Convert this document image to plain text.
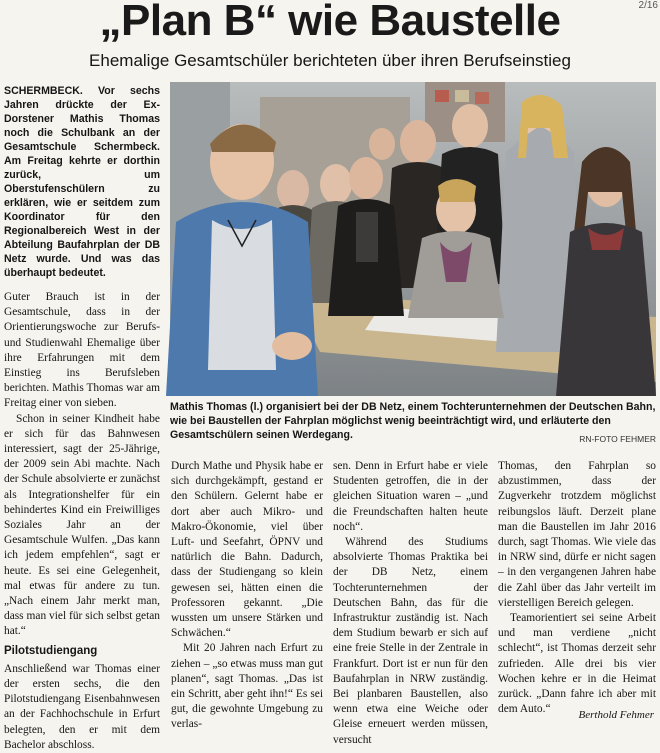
„Plan B“ wie Baustelle	2/16
Ehemalige Gesamtschüler berichteten über ihren Berufseinstieg

SCHERMBECK. Vor sechs Jahren drückte der Ex-Dorstener Mathis Thomas noch die Schulbank an der Gesamtschule Schermbeck. Am Freitag kehrte er dorthin zurück, um Oberstufenschülern zu erklären, wie er seitdem zum Koordinator für den Regionalbereich West in der Abteilung Baufahrplan der DB Netz wurde. Und was das überhaupt bedeutet.

Guter Brauch ist in der Gesamtschule, dass in der Orientierungswoche zur Berufs- und Studienwahl Ehemalige über ihre Erfahrungen mit dem Einstieg ins Berufsleben berichten. Mathis Thomas war am Freitag einer von sieben.

Schon in seiner Kindheit habe er sich für das Bahnwesen interessiert, sagt der 25-Jährige, der 2009 sein Abi machte. Nach der Schule absolvierte er zunächst als Integrationshelfer für ein behindertes Kind ein Freiwilliges Soziales Jahr an der Gesamtschule Wulfen. „Das kann ich jedem empfehlen“, sagt er heute. Es sei eine Gelegenheit, mal etwas für andere zu tun. „Nach einem Jahr merkt man, dass man viel für sich selbst getan hat.“

Pilotstudiengang

Anschließend war Thomas einer der ersten sechs, die den Pilotstudiengang Eisenbahnwesen an der Fachhochschule in Erfurt belegten, den er mit dem Bachelor abschloss.

Mathis Thomas (l.) organisiert bei der DB Netz, einem Tochterunternehmen der Deutschen Bahn, wie bei Baustellen der Fahrplan möglichst wenig beeinträchtigt wird, und erläuterte den Gesamtschülern seinen Werdegang.	RN-FOTO FEHMER

Durch Mathe und Physik habe er sich durchgekämpft, gestand er den Schülern. Gelernt habe er dort aber auch Mikro- und Makro-Ökonomie, viel über Luft- und Seefahrt, ÖPNV und natürlich die Bahn. Dadurch, dass der Studiengang so klein gewesen sei, hätten einen die Professoren gekannt. „Die wussten um unsere Stärken und Schwächen.“

Mit 20 Jahren nach Erfurt zu ziehen – „so etwas muss man gut planen“, sagt Thomas. „Das ist ein Schritt, aber geht ihn!“ Es sei gut, die gewohnte Umgebung zu verlas-

sen. Denn in Erfurt habe er viele Studenten getroffen, die in der gleichen Situation waren – „und die Freundschaften halten heute noch“.

Während des Studiums absolvierte Thomas Praktika bei der DB Netz, einem Tochterunternehmen der Deutschen Bahn, das für die Infrastruktur zuständig ist. Nach dem Studium bewarb er sich auf eine freie Stelle in der Zentrale in Frankfurt. Dort ist er nun für den Baufahrplan in NRW zuständig. Bei planbaren Baustellen, also wenn etwa eine Weiche oder Gleise erneuert werden müssen, versucht

Thomas, den Fahrplan so abzustimmen, dass der Zugverkehr trotzdem möglichst reibungslos läuft. Derzeit plane man die Baustellen im Jahr 2016 durch, sagt Thomas. Wie viele das in NRW sind, dürfe er nicht sagen – in den vergangenen Jahren habe die Zahl über das Jahr verteilt im vierstelligen Bereich gelegen.

Teamorientiert sei seine Arbeit und man verdiene „nicht schlecht“, ist Thomas derzeit sehr zufrieden. Alle drei bis vier Wochen kehre er in die Heimat zurück. „Dann fahre ich aber mit dem Auto.“	Berthold Fehmer
